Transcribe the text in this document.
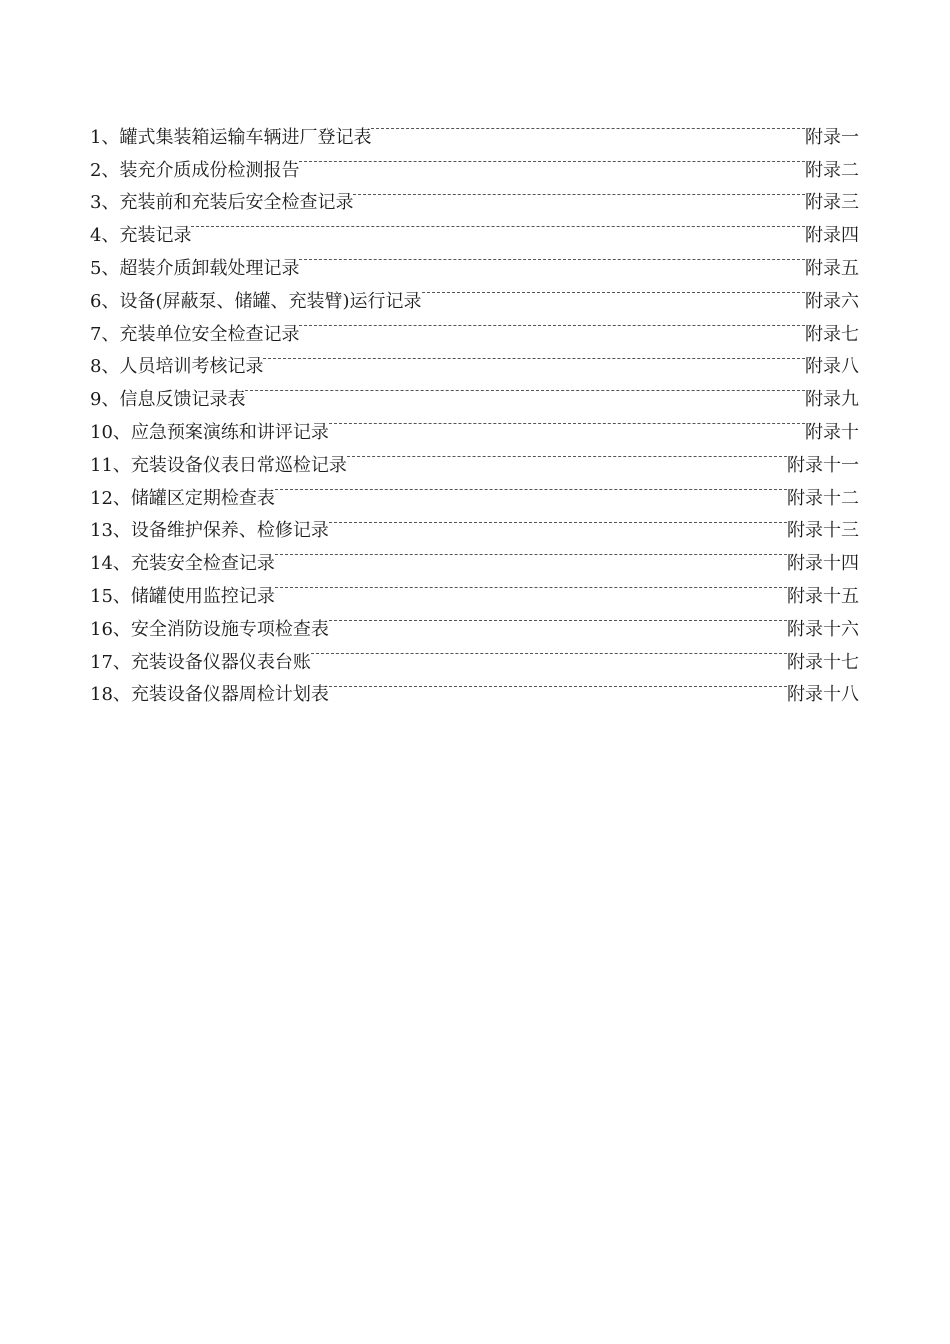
1、罐式集装箱运输车辆进厂登记表	附录一
2、装充介质成份检测报告	附录二
3、充装前和充装后安全检查记录	附录三
4、充装记录	附录四
5、超装介质卸载处理记录	附录五
6、设备(屏蔽泵、储罐、充装臂)运行记录	附录六
7、充装单位安全检查记录	附录七
8、人员培训考核记录	附录八
9、信息反馈记录表	附录九
10、应急预案演练和讲评记录	附录十
11、充装设备仪表日常巡检记录	附录十一
12、储罐区定期检查表	附录十二
13、设备维护保养、检修记录	附录十三
14、充装安全检查记录	附录十四
15、储罐使用监控记录	附录十五
16、安全消防设施专项检查表	附录十六
17、充装设备仪器仪表台账	附录十七
18、充装设备仪器周检计划表	附录十八
